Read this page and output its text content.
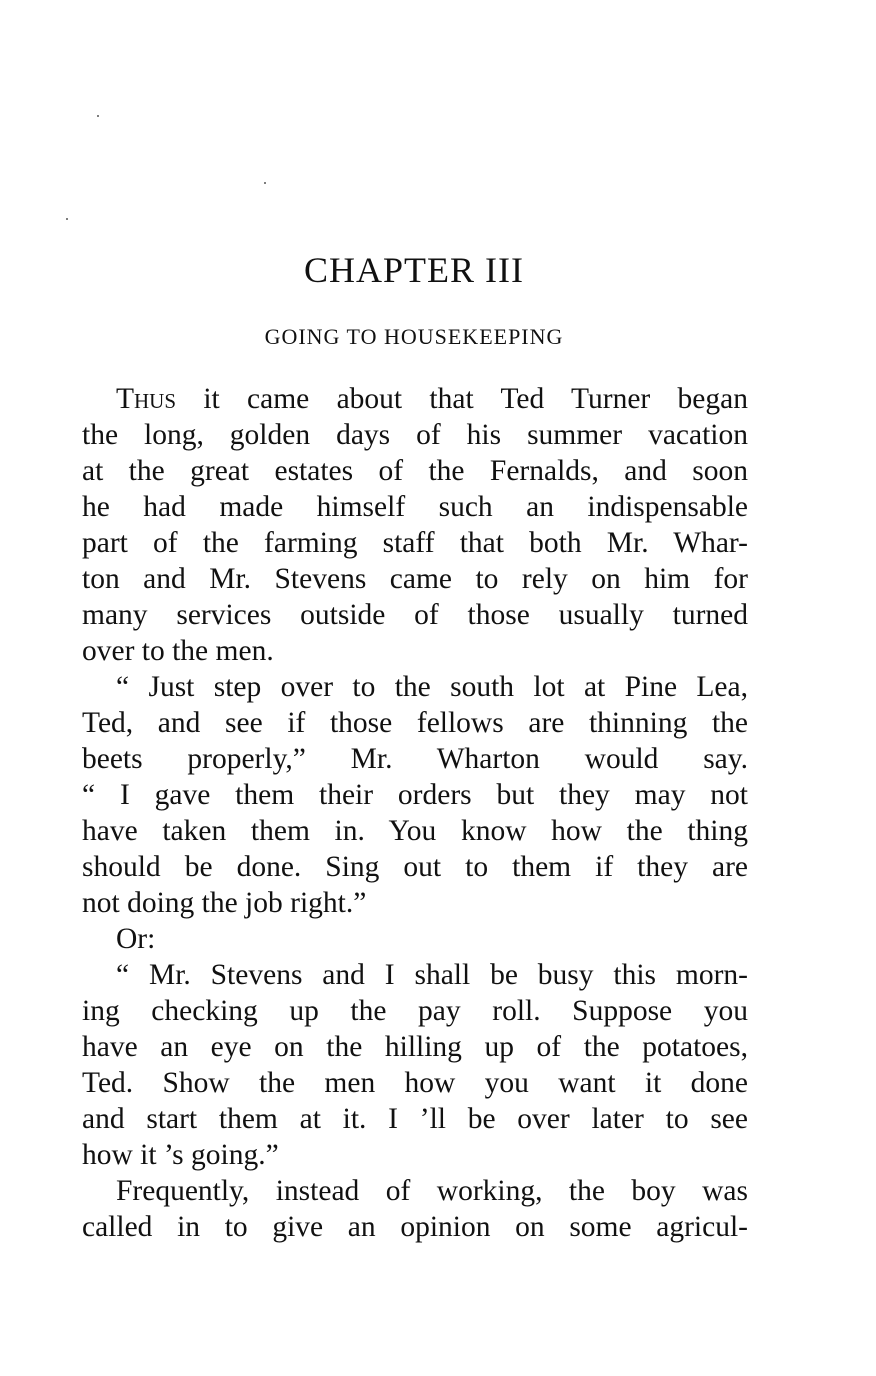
CHAPTER III
GOING TO HOUSEKEEPING
Thus it came about that Ted Turner began
the long, golden days of his summer vacation
at the great estates of the Fernalds, and soon
he had made himself such an indispensable
part of the farming staff that both Mr. Whar-
ton and Mr. Stevens came to rely on him for
many services outside of those usually turned
over to the men.
“ Just step over to the south lot at Pine Lea,
Ted, and see if those fellows are thinning the
beets properly,” Mr. Wharton would say.
“ I gave them their orders but they may not
have taken them in. You know how the thing
should be done. Sing out to them if they are
not doing the job right.”
Or:
“ Mr. Stevens and I shall be busy this morn-
ing checking up the pay roll. Suppose you
have an eye on the hilling up of the potatoes,
Ted. Show the men how you want it done
and start them at it. I ’ll be over later to see
how it ’s going.”
Frequently, instead of working, the boy was
called in to give an opinion on some agricul-
